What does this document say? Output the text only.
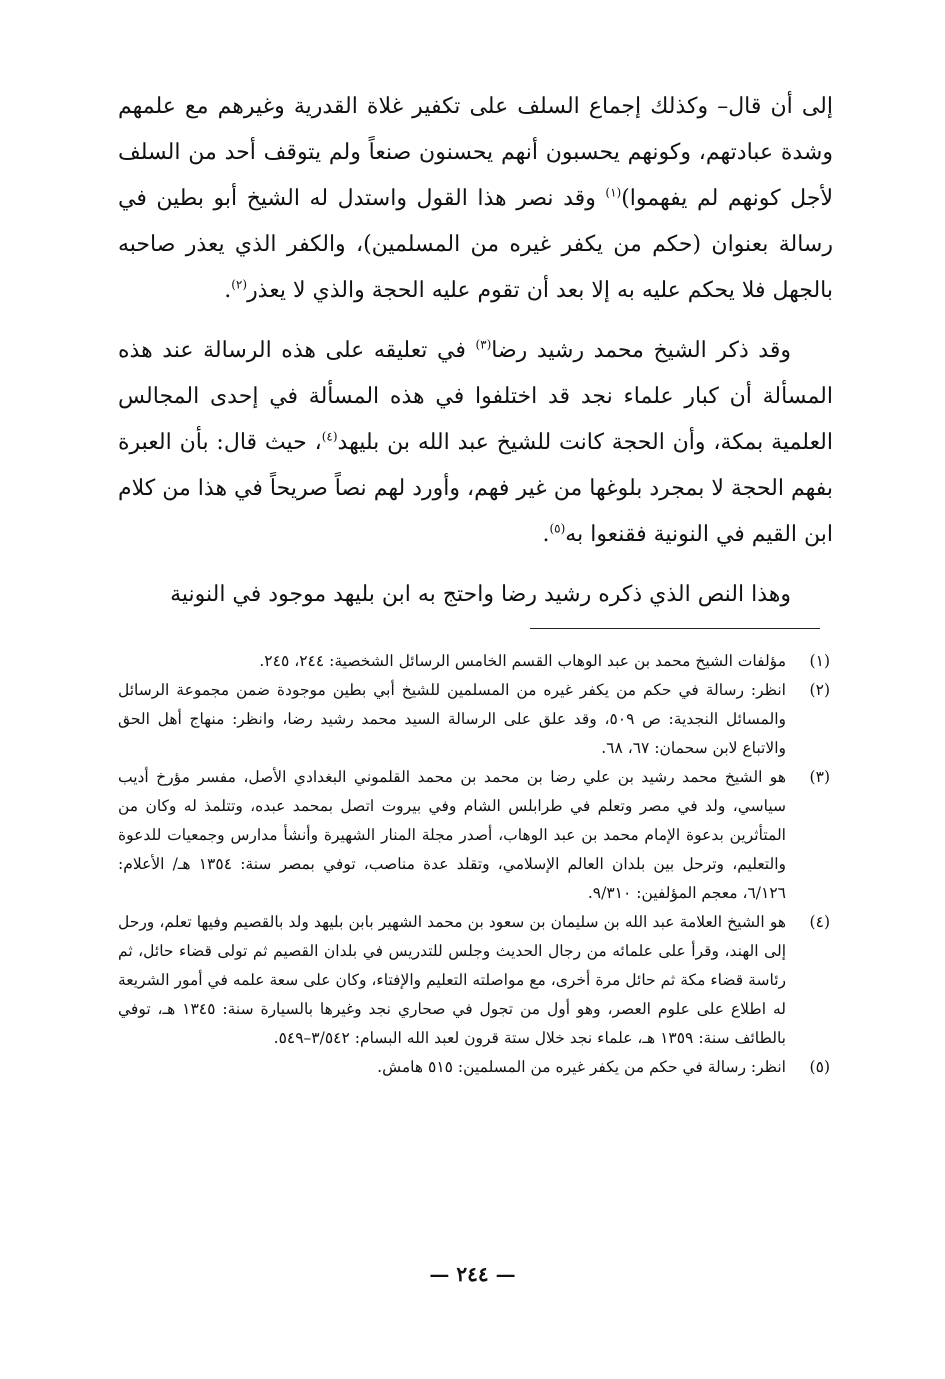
إلى أن قال– وكذلك إجماع السلف على تكفير غلاة القدرية وغيرهم مع علمهم وشدة عبادتهم، وكونهم يحسبون أنهم يحسنون صنعاً ولم يتوقف أحد من السلف لأجل كونهم لم يفهموا)$^{(١)}$ وقد نصر هذا القول واستدل له الشيخ أبو بطين في رسالة بعنوان (حكم من يكفر غيره من المسلمين)، والكفر الذي يعذر صاحبه بالجهل فلا يحكم عليه به إلا بعد أن تقوم عليه الحجة والذي لا يعذر$^{(٢)}$.

وقد ذكر الشيخ محمد رشيد رضا$^{(٣)}$ في تعليقه على هذه الرسالة عند هذه المسألة أن كبار علماء نجد قد اختلفوا في هذه المسألة في إحدى المجالس العلمية بمكة، وأن الحجة كانت للشيخ عبد الله بن بليهد$^{(٤)}$، حيث قال: بأن العبرة بفهم الحجة لا بمجرد بلوغها من غير فهم، وأورد لهم نصاً صريحاً في هذا من كلام ابن القيم في النونية فقنعوا به$^{(٥)}$.

وهذا النص الذي ذكره رشيد رضا واحتج به ابن بليهد موجود في النونية

(١)
مؤلفات الشيخ محمد بن عبد الوهاب القسم الخامس الرسائل الشخصية: ٢٤٤، ٢٤٥.
(٢)
انظر: رسالة في حكم من يكفر غيره من المسلمين للشيخ أبي بطين موجودة ضمن مجموعة الرسائل والمسائل النجدية: ص ٥٠٩، وقد علق على الرسالة السيد محمد رشيد رضا، وانظر: منهاج أهل الحق والاتباع لابن سحمان: ٦٧، ٦٨.
(٣)
هو الشيخ محمد رشيد بن علي رضا بن محمد بن محمد القلموني البغدادي الأصل، مفسر مؤرخ أديب سياسي، ولد في مصر وتعلم في طرابلس الشام وفي بيروت اتصل بمحمد عبده، وتتلمذ له وكان من المتأثرين بدعوة الإمام محمد بن عبد الوهاب، أصدر مجلة المنار الشهيرة وأنشأ مدارس وجمعيات للدعوة والتعليم، وترحل بين بلدان العالم الإسلامي، وتقلد عدة مناصب، توفي بمصر سنة: ١٣٥٤ هـ/ الأعلام: ٦/١٢٦، معجم المؤلفين: ٩/٣١٠.
(٤)
هو الشيخ العلامة عبد الله بن سليمان بن سعود بن محمد الشهير بابن بليهد ولد بالقصيم وفيها تعلم، ورحل إلى الهند، وقرأ على علمائه من رجال الحديث وجلس للتدريس في بلدان القصيم ثم تولى قضاء حائل، ثم رئاسة قضاء مكة ثم حائل مرة أخرى، مع مواصلته التعليم والإفتاء، وكان على سعة علمه في أمور الشريعة له اطلاع على علوم العصر، وهو أول من تجول في صحاري نجد وغيرها بالسيارة سنة: ١٣٤٥ هـ، توفي بالطائف سنة: ١٣٥٩ هـ، علماء نجد خلال ستة قرون لعبد الله البسام: ٣/٥٤٢–٥٤٩.
(٥)
انظر: رسالة في حكم من يكفر غيره من المسلمين: ٥١٥ هامش.
— ٢٤٤ —
